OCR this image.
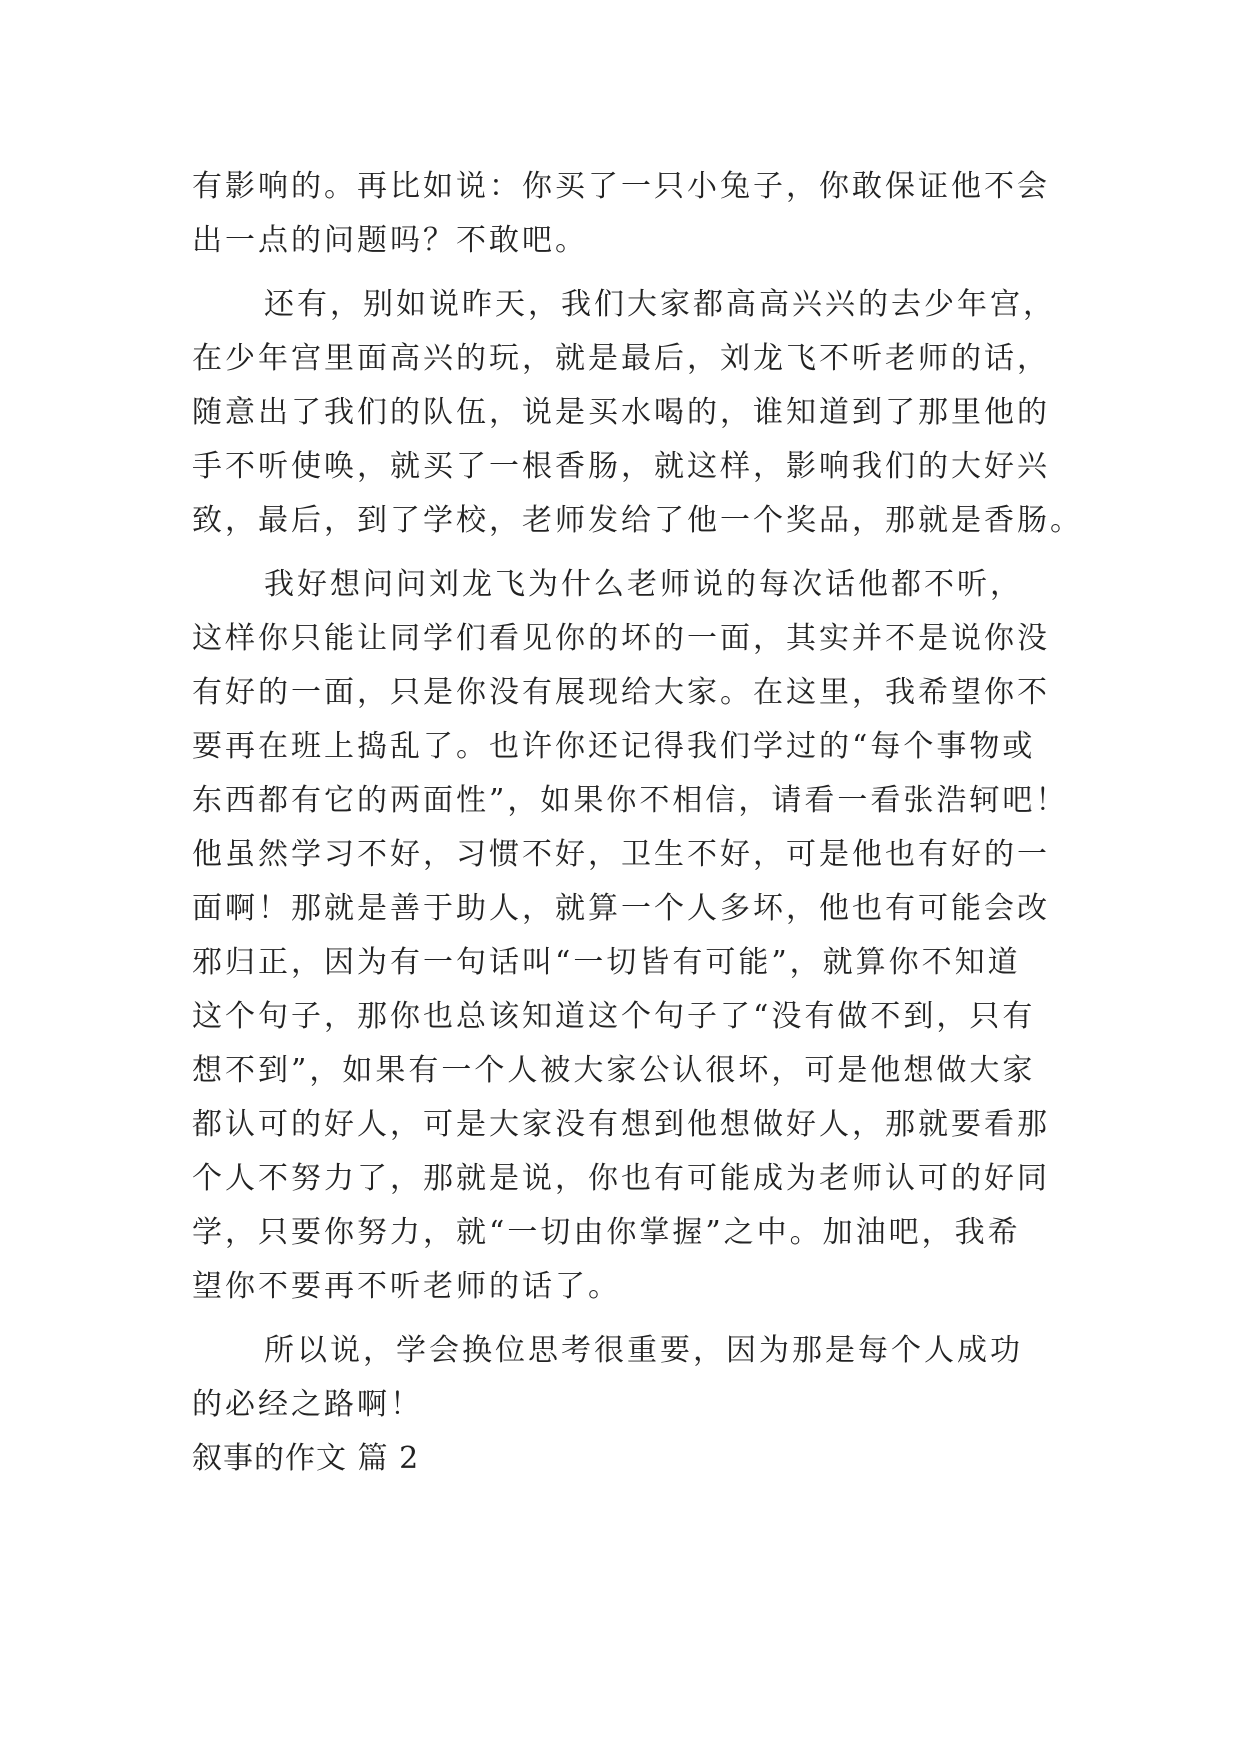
有影响的。再比如说：你买了一只小兔子，你敢保证他不会
出一点的问题吗？不敢吧。
还有，别如说昨天，我们大家都高高兴兴的去少年宫，
在少年宫里面高兴的玩，就是最后，刘龙飞不听老师的话，
随意出了我们的队伍，说是买水喝的，谁知道到了那里他的
手不听使唤，就买了一根香肠，就这样，影响我们的大好兴
致，最后，到了学校，老师发给了他一个奖品，那就是香肠。
我好想问问刘龙飞为什么老师说的每次话他都不听，
这样你只能让同学们看见你的坏的一面，其实并不是说你没
有好的一面，只是你没有展现给大家。在这里，我希望你不
要再在班上捣乱了。也许你还记得我们学过的“每个事物或
东西都有它的两面性”，如果你不相信，请看一看张浩轲吧！
他虽然学习不好，习惯不好，卫生不好，可是他也有好的一
面啊！那就是善于助人，就算一个人多坏，他也有可能会改
邪归正，因为有一句话叫“一切皆有可能”，就算你不知道
这个句子，那你也总该知道这个句子了“没有做不到，只有
想不到”，如果有一个人被大家公认很坏，可是他想做大家
都认可的好人，可是大家没有想到他想做好人，那就要看那
个人不努力了，那就是说，你也有可能成为老师认可的好同
学，只要你努力，就“一切由你掌握”之中。加油吧，我希
望你不要再不听老师的话了。
所以说，学会换位思考很重要，因为那是每个人成功
的必经之路啊！
叙事的作文 篇 2
